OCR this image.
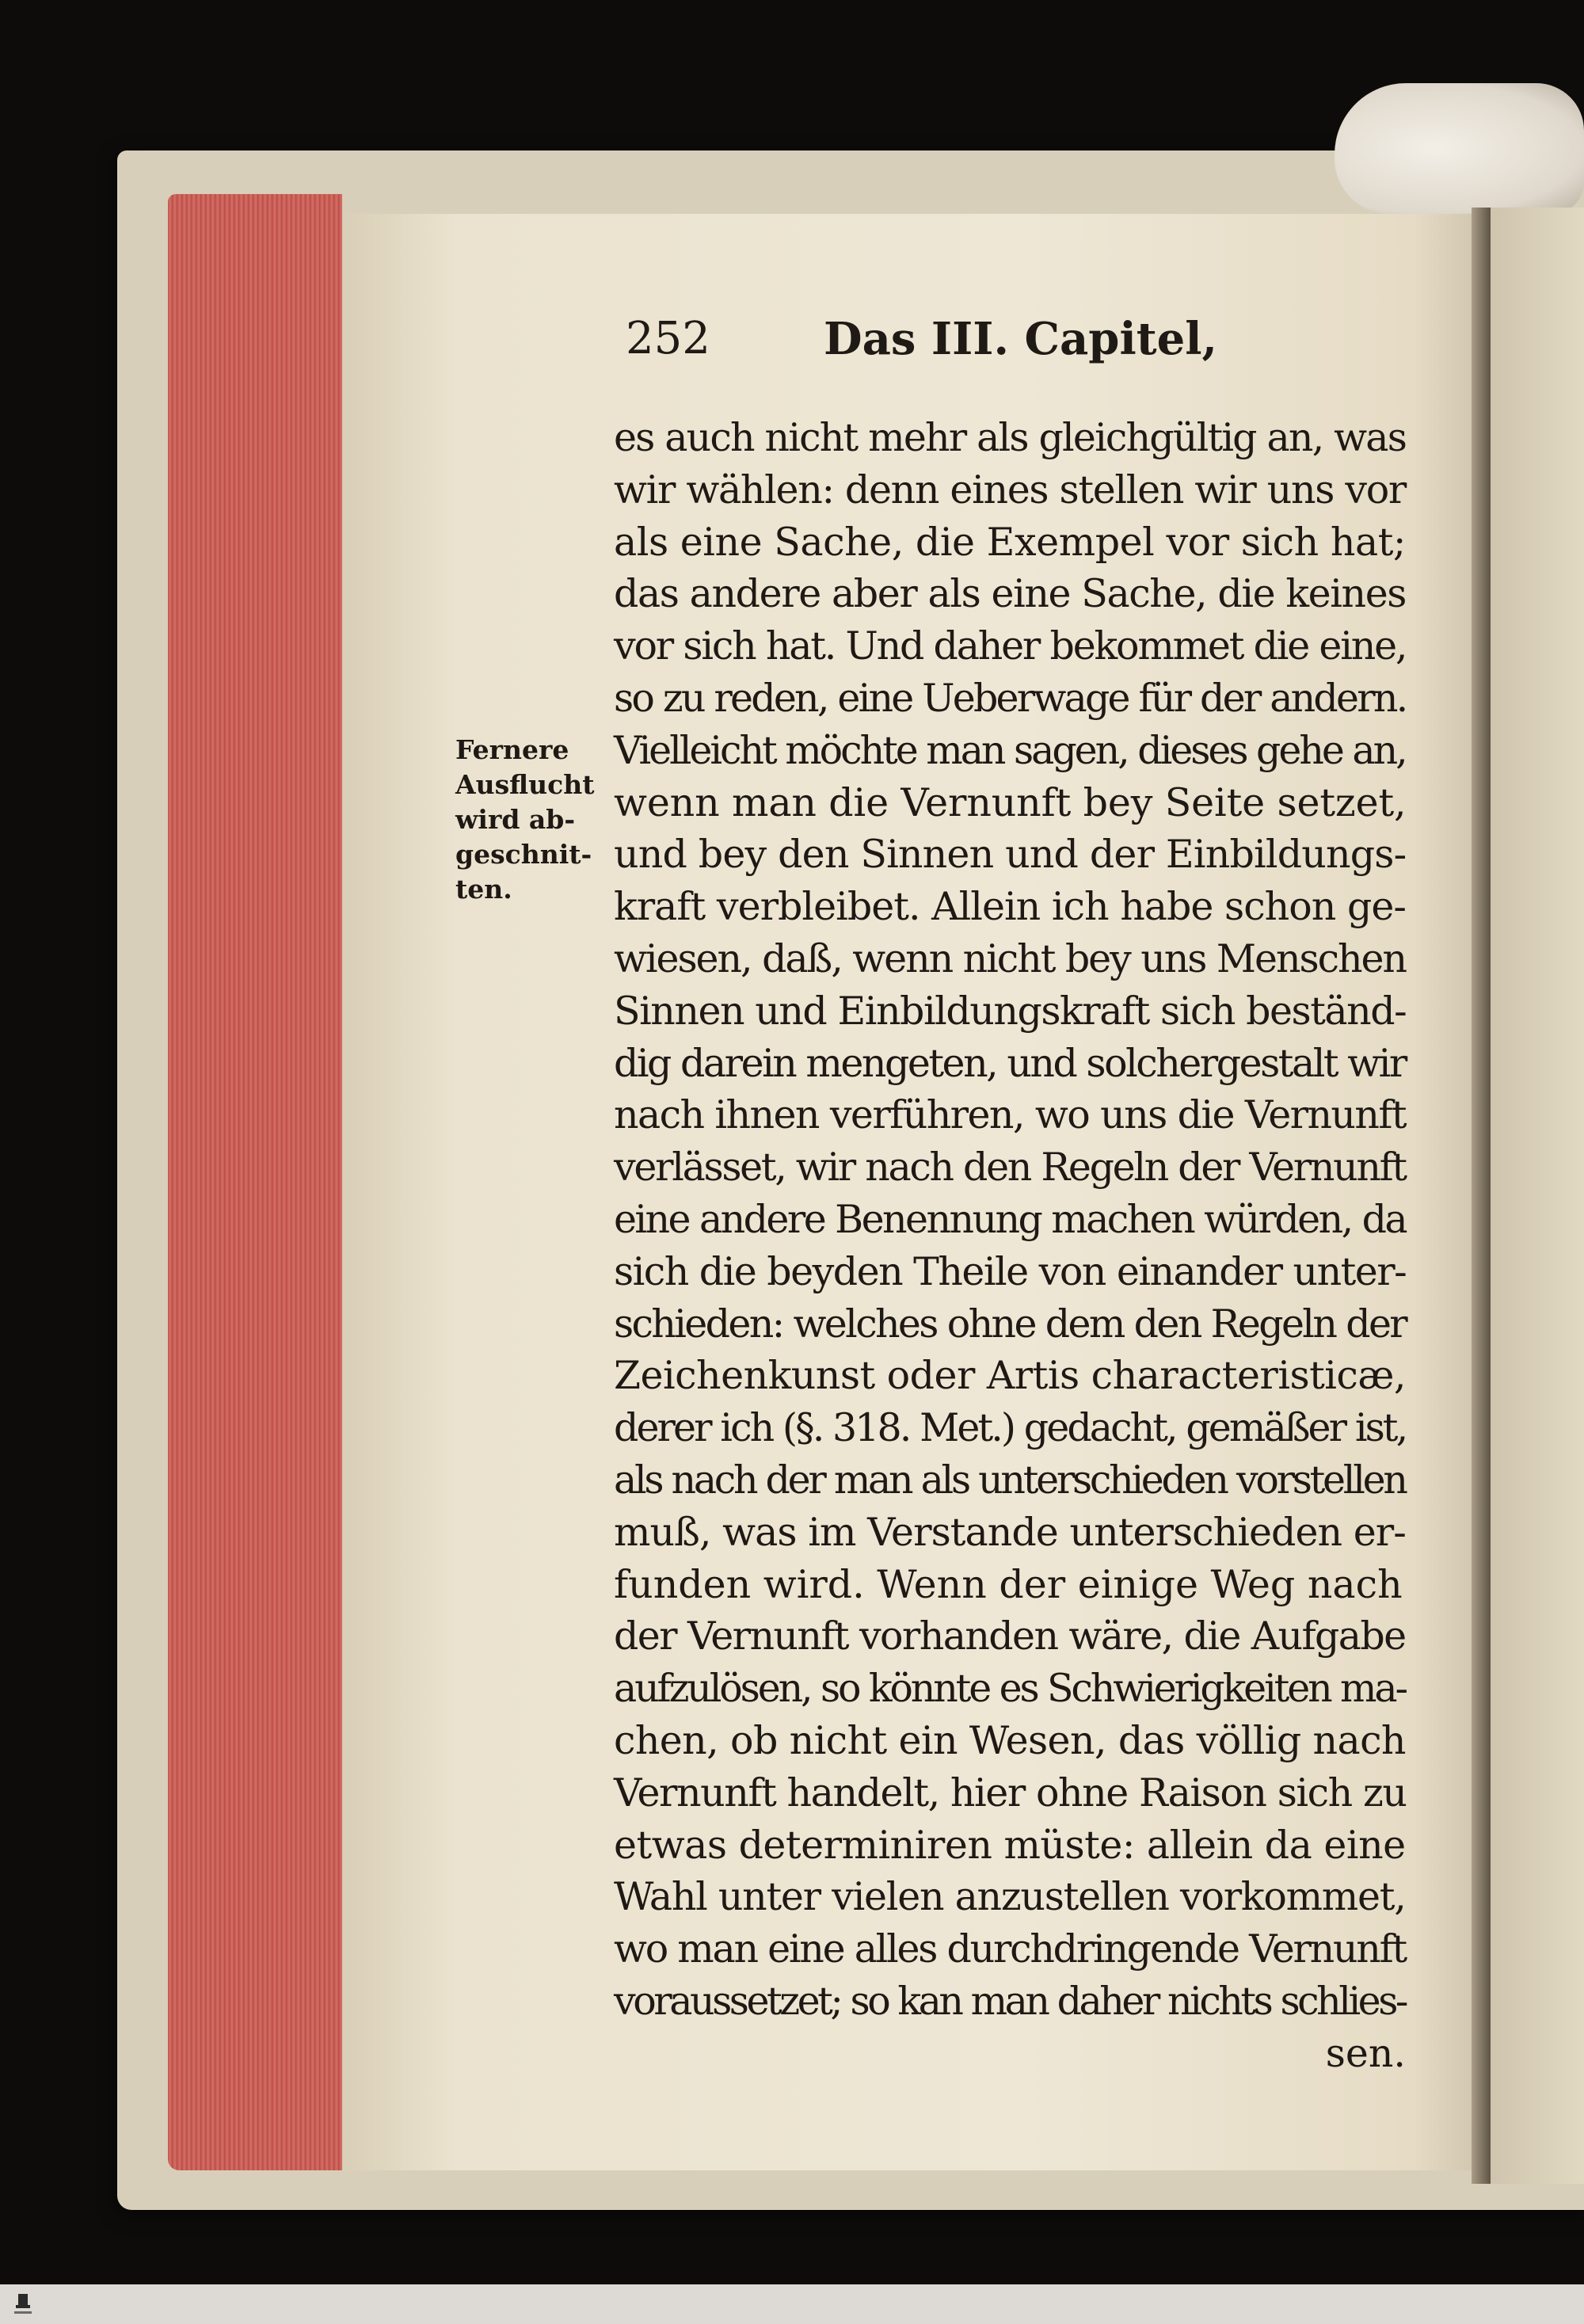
252	Das III. Capitel,
Fernere
Ausflucht
wird ab-
geschnit-
ten.
es auch nicht mehr als gleichgültig an, was
wir wählen: denn eines stellen wir uns vor
als eine Sache, die Exempel vor sich hat;
das andere aber als eine Sache, die keines
vor sich hat. Und daher bekommet die eine,
so zu reden, eine Ueberwage für der andern.
Vielleicht möchte man sagen, dieses gehe an,
wenn man die Vernunft bey Seite setzet,
und bey den Sinnen und der Einbildungs-
kraft verbleibet. Allein ich habe schon ge-
wiesen, daß, wenn nicht bey uns Menschen
Sinnen und Einbildungskraft sich beständ-
dig darein mengeten, und solchergestalt wir
nach ihnen verführen, wo uns die Vernunft
verlässet, wir nach den Regeln der Vernunft
eine andere Benennung machen würden, da
sich die beyden Theile von einander unter-
schieden: welches ohne dem den Regeln der
Zeichenkunst oder Artis characteristicæ,
derer ich (§. 318. Met.) gedacht, gemäßer ist,
als nach der man als unterschieden vorstellen
muß, was im Verstande unterschieden er-
funden wird. Wenn der einige Weg nach
der Vernunft vorhanden wäre, die Aufgabe
aufzulösen, so könnte es Schwierigkeiten ma-
chen, ob nicht ein Wesen, das völlig nach
Vernunft handelt, hier ohne Raison sich zu
etwas determiniren müste: allein da eine
Wahl unter vielen anzustellen vorkommet,
wo man eine alles durchdringende Vernunft
voraussetzet; so kan man daher nichts schlies-
sen.
